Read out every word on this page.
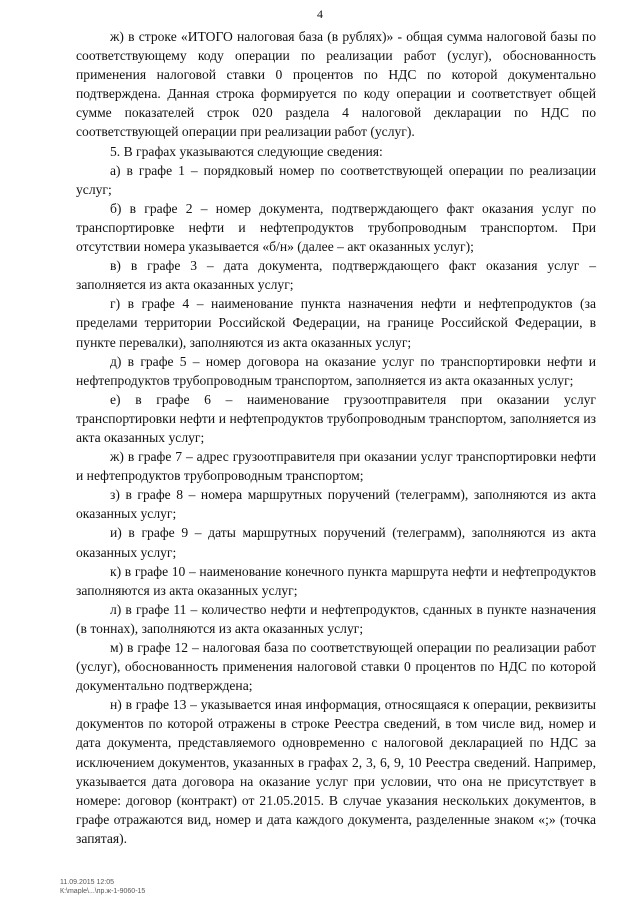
4

ж) в строке «ИТОГО налоговая база (в рублях)» - общая сумма налоговой базы по соответствующему коду операции по реализации работ (услуг), обоснованность применения налоговой ставки 0 процентов по НДС по которой документально подтверждена. Данная строка формируется по коду операции и соответствует общей сумме показателей строк 020 раздела 4 налоговой декларации по НДС по соответствующей операции при реализации работ (услуг).

5. В графах указываются следующие сведения:

а) в графе 1 – порядковый номер по соответствующей операции по реализации услуг;

б) в графе 2 – номер документа, подтверждающего факт оказания услуг по транспортировке нефти и нефтепродуктов трубопроводным транспортом. При отсутствии номера указывается «б/н» (далее – акт оказанных услуг);

в) в графе 3 – дата документа, подтверждающего факт оказания услуг – заполняется из акта оказанных услуг;

г) в графе 4 – наименование пункта назначения нефти и нефтепродуктов (за пределами территории Российской Федерации, на границе Российской Федерации, в пункте перевалки), заполняются из акта оказанных услуг;

д) в графе 5 – номер договора на оказание услуг по транспортировки нефти и нефтепродуктов трубопроводным транспортом, заполняется из акта оказанных услуг;

е) в графе 6 – наименование грузоотправителя при оказании услуг транспортировки нефти и нефтепродуктов трубопроводным транспортом, заполняется из акта оказанных услуг;

ж) в графе 7 – адрес грузоотправителя при оказании услуг транспортировки нефти и нефтепродуктов трубопроводным транспортом;

з) в графе 8 – номера маршрутных поручений (телеграмм), заполняются из акта оказанных услуг;

и) в графе 9 – даты маршрутных поручений (телеграмм), заполняются из акта оказанных услуг;

к) в графе 10 – наименование конечного пункта маршрута нефти и нефтепродуктов заполняются из акта оказанных услуг;

л) в графе 11 – количество нефти и нефтепродуктов, сданных в пункте назначения (в тоннах), заполняются из акта оказанных услуг;

м) в графе 12 – налоговая база по соответствующей операции по реализации работ (услуг), обоснованность применения налоговой ставки 0 процентов по НДС по которой документально подтверждена;

н) в графе 13 – указывается иная информация, относящаяся к операции, реквизиты документов по которой отражены в строке Реестра сведений, в том числе вид, номер и дата документа, представляемого одновременно с налоговой декларацией по НДС за исключением документов, указанных в графах 2, 3, 6, 9, 10 Реестра сведений. Например, указывается дата договора на оказание услуг при условии, что она не присутствует в номере: договор (контракт) от 21.05.2015. В случае указания нескольких документов, в графе отражаются вид, номер и дата каждого документа, разделенные знаком «;» (точка запятая).

11.09.2015 12:05
К:\maple\...\пр.ж-1-9060-15
